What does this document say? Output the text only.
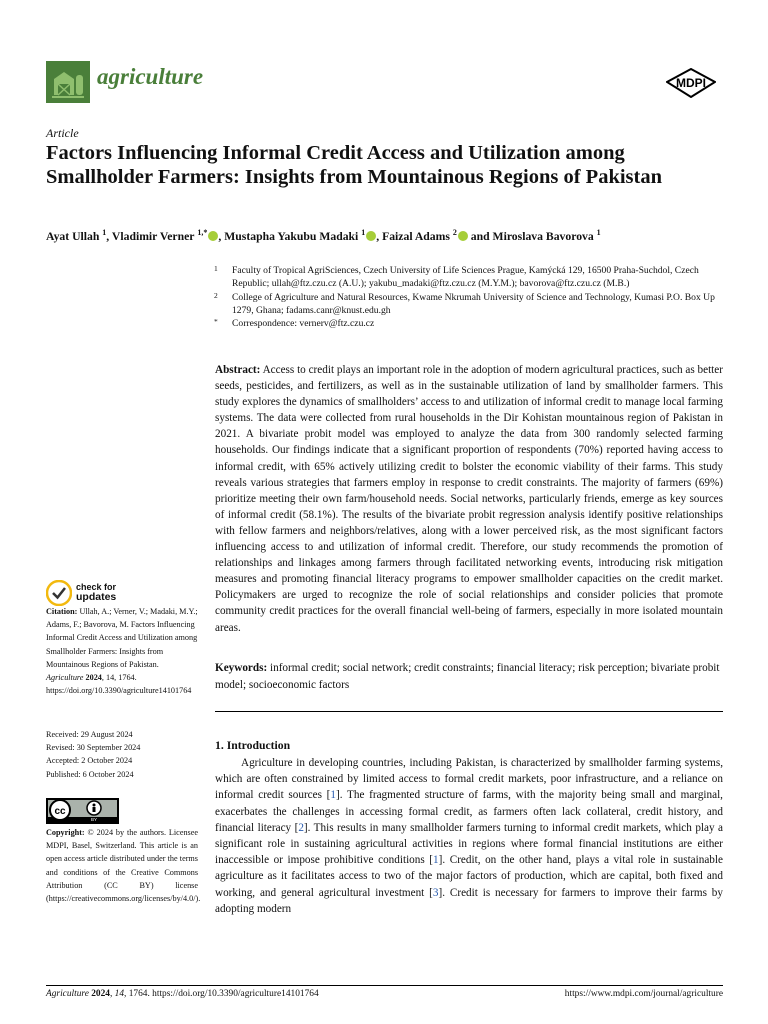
agriculture	MDPI
Article
Factors Influencing Informal Credit Access and Utilization among Smallholder Farmers: Insights from Mountainous Regions of Pakistan
Ayat Ullah $^1$, Vladimir Verner $^{1,*}$ , Mustapha Yakubu Madaki $^1$ , Faizal Adams $^2$ and Miroslava Bavorova $^1$
1 Faculty of Tropical AgriSciences, Czech University of Life Sciences Prague, Kamýcká 129, 16500 Praha-Suchdol, Czech Republic; ullah@ftz.czu.cz (A.U.); yakubu_madaki@ftz.czu.cz (M.Y.M.); bavorova@ftz.czu.cz (M.B.)
2 College of Agriculture and Natural Resources, Kwame Nkrumah University of Science and Technology, Kumasi P.O. Box Up 1279, Ghana; fadams.canr@knust.edu.gh
* Correspondence: vernerv@ftz.czu.cz

Abstract: Access to credit plays an important role in the adoption of modern agricultural practices, such as better seeds, pesticides, and fertilizers, as well as in the sustainable utilization of land by smallholder farmers. This study explores the dynamics of smallholders’ access to and utilization of informal credit to manage local farming systems. The data were collected from rural households in the Dir Kohistan mountainous region of Pakistan in 2021. A bivariate probit model was employed to analyze the data from 300 randomly selected farming households. Our findings indicate that a significant proportion of respondents (70%) reported having access to informal credit, with 65% actively utilizing credit to bolster the economic viability of their farms. This study reveals various strategies that farmers employ in response to credit constraints. The majority of farmers (69%) prioritize meeting their own farm/household needs. Social networks, particularly friends, emerge as key sources of informal credit (58.1%). The results of the bivariate probit regression analysis identify positive relationships with fellow farmers and neighbors/relatives, along with a lower perceived risk, as the most significant factors influencing access to and utilization of informal credit. Therefore, our study recommends the promotion of relationships and linkages among farmers through facilitated networking events, introducing risk mitigation measures and promoting financial literacy programs to empower smallholder capacities on the credit market. Policymakers are urged to recognize the role of social relationships and consider policies that promote community credit practices for the overall financial well-being of farmers, especially in more isolated mountain areas.

Keywords: informal credit; social network; credit constraints; financial literacy; risk perception; bivariate probit model; socioeconomic factors

1. Introduction

Agriculture in developing countries, including Pakistan, is characterized by smallholder farming systems, which are often constrained by limited access to formal credit markets, poor infrastructure, and a reliance on informal credit sources [1]. The fragmented structure of farms, with the majority being small and marginal, exacerbates the challenges in accessing formal credit, as farmers often lack collateral, credit history, and financial literacy [2]. This results in many smallholder farmers turning to informal credit markets, which play a significant role in sustaining agricultural activities in regions where formal financial institutions are either inaccessible or impose prohibitive conditions [1]. Credit, on the other hand, plays a vital role in sustainable agriculture as it facilitates access to two of the major factors of production, which are capital, both fixed and working, and general agricultural investment [3]. Credit is necessary for farmers to improve their farms by adopting modern

check for
updates
Citation: Ullah, A.; Verner, V.; Madaki, M.Y.; Adams, F.; Bavorova, M. Factors Influencing Informal Credit Access and Utilization among Smallholder Farmers: Insights from Mountainous Regions of Pakistan. Agriculture 2024, 14, 1764. https://doi.org/10.3390/agriculture14101764
Received: 29 August 2024
Revised: 30 September 2024
Accepted: 2 October 2024
Published: 6 October 2024
cc
BY
Copyright: © 2024 by the authors. Licensee MDPI, Basel, Switzerland. This article is an open access article distributed under the terms and conditions of the Creative Commons Attribution (CC BY) license (https://creativecommons.org/licenses/by/4.0/).
Agriculture 2024, 14, 1764. https://doi.org/10.3390/agriculture14101764	https://www.mdpi.com/journal/agriculture
